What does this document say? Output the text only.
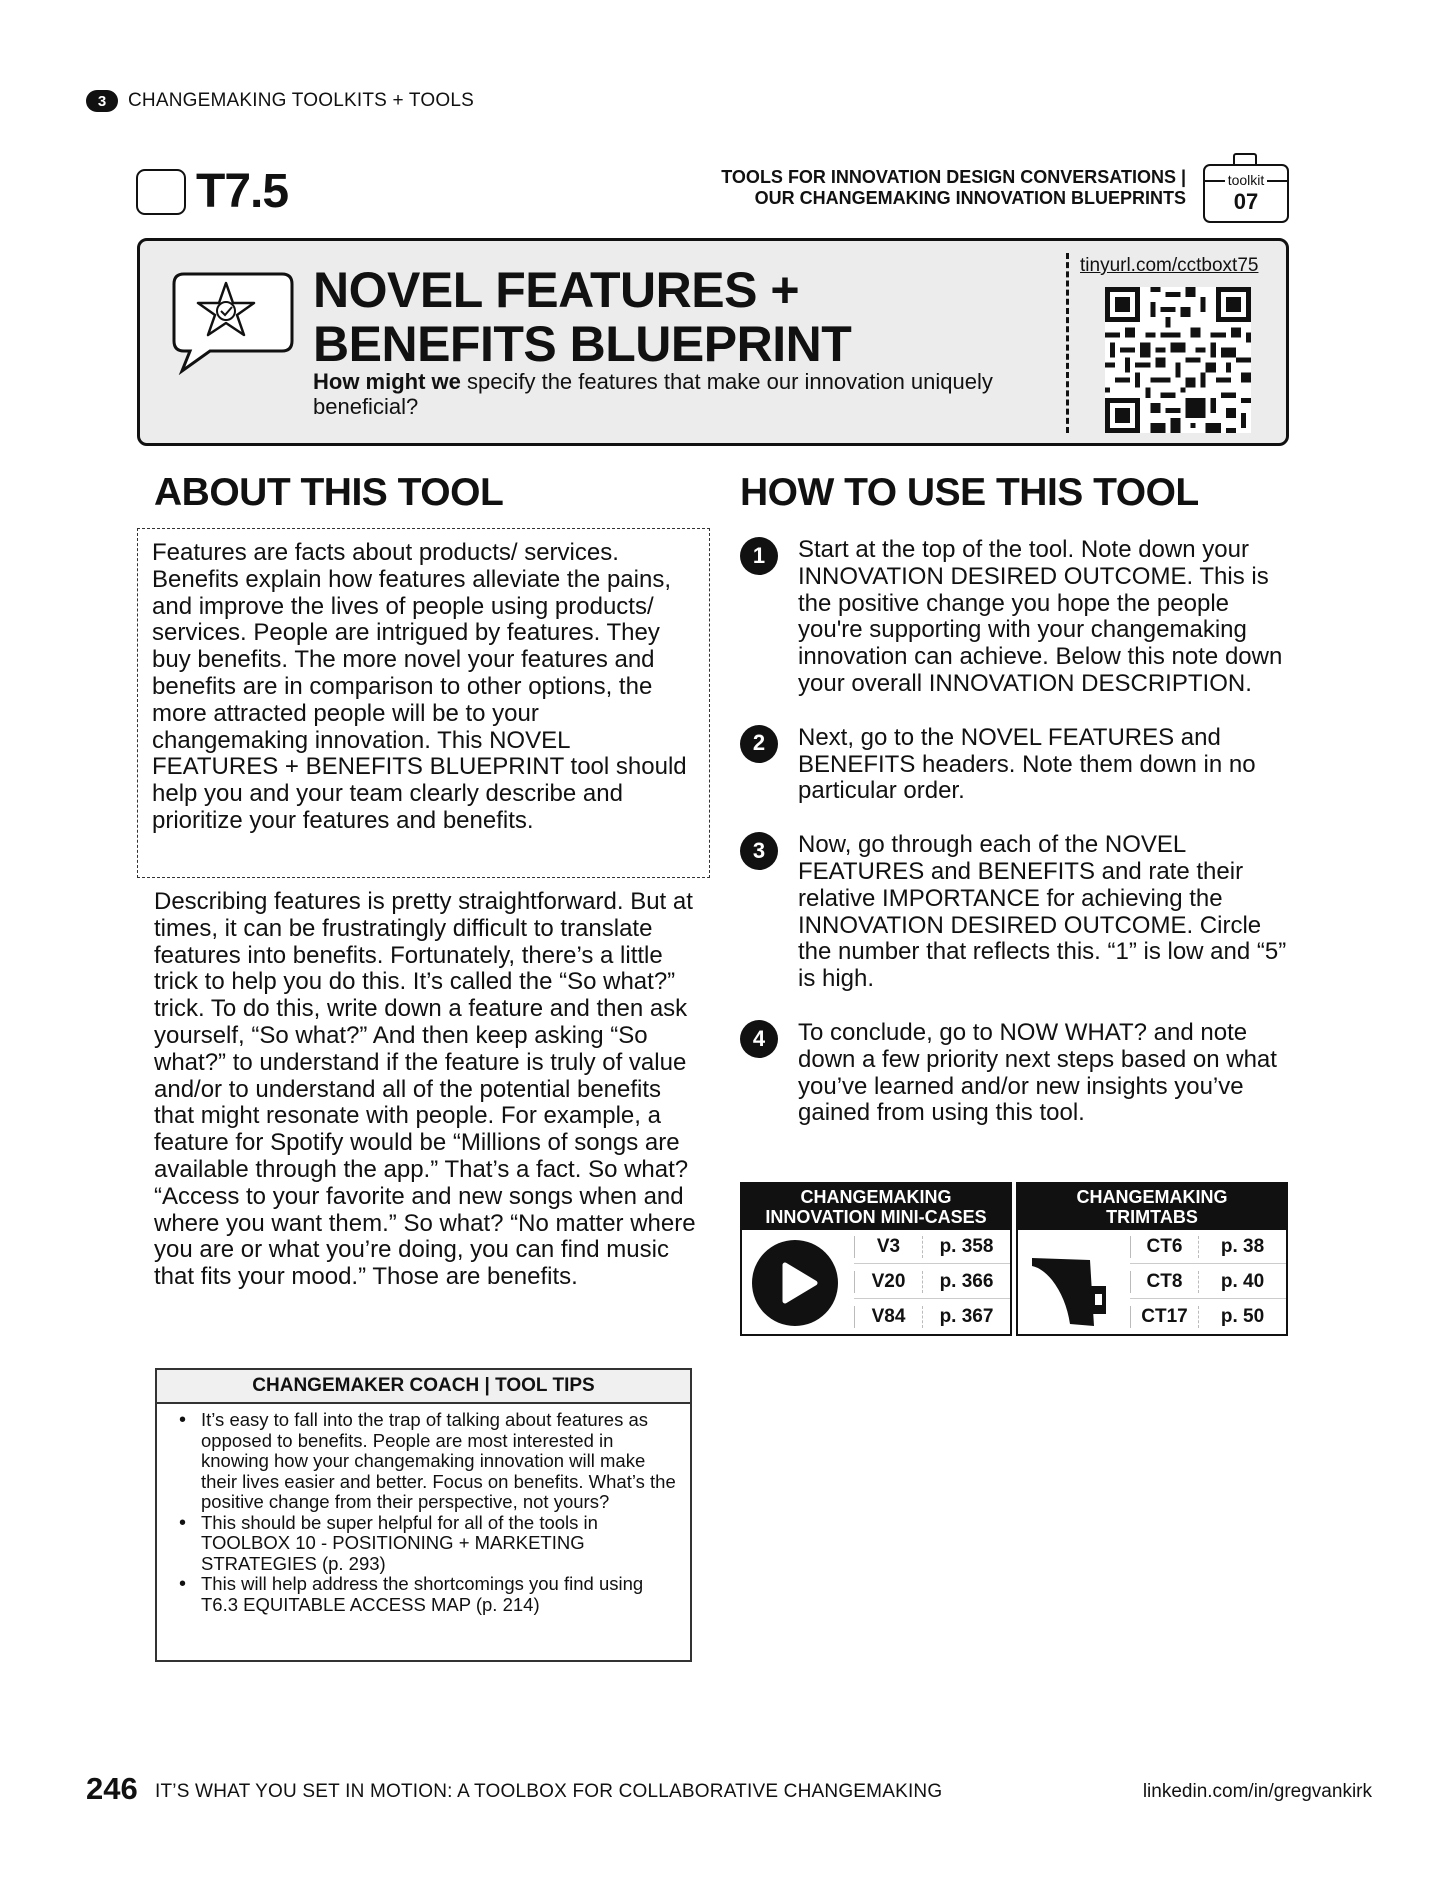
3	CHANGEMAKING TOOLKITS + TOOLS
T7.5	TOOLS FOR INNOVATION DESIGN CONVERSATIONS |
OUR CHANGEMAKING INNOVATION BLUEPRINTS
toolkit
07
NOVEL FEATURES +
BENEFITS BLUEPRINT
How might we specify the features that make our innovation uniquely beneficial?
tinyurl.com/cctboxt75
ABOUT THIS TOOL
Features are facts about products/ services. Benefits explain how features alleviate the pains, and improve the lives of people using products/ services. People are intrigued by features. They buy benefits. The more novel your features and benefits are in comparison to other options, the more attracted people will be to your changemaking innovation. This NOVEL FEATURES + BENEFITS BLUEPRINT tool should help you and your team clearly describe and prioritize your features and benefits.
Describing features is pretty straightforward. But at times, it can be frustratingly difficult to translate features into benefits. Fortunately, there’s a little trick to help you do this. It’s called the “So what?” trick. To do this, write down a feature and then ask yourself, “So what?” And then keep asking “So what?” to understand if the feature is truly of value and/or to understand all of the potential benefits that might resonate with people. For example, a feature for Spotify would be “Millions of songs are available through the app.” That’s a fact. So what? “Access to your favorite and new songs when and where you want them.” So what? “No matter where you are or what you’re doing, you can find music that fits your mood.” Those are benefits.
CHANGEMAKER COACH | TOOL TIPS
• It’s easy to fall into the trap of talking about features as opposed to benefits. People are most interested in knowing how your changemaking innovation will make their lives easier and better. Focus on benefits. What’s the positive change from their perspective, not yours?
• This should be super helpful for all of the tools in TOOLBOX 10 - POSITIONING + MARKETING STRATEGIES (p. 293)
• This will help address the shortcomings you find using T6.3 EQUITABLE ACCESS MAP (p. 214)
HOW TO USE THIS TOOL
1	Start at the top of the tool. Note down your INNOVATION DESIRED OUTCOME. This is the positive change you hope the people you're supporting with your changemaking innovation can achieve. Below this note down your overall INNOVATION DESCRIPTION.
2	Next, go to the NOVEL FEATURES and BENEFITS headers. Note them down in no particular order.
3	Now, go through each of the NOVEL FEATURES and BENEFITS and rate their relative IMPORTANCE for achieving the INNOVATION DESIRED OUTCOME. Circle the number that reflects this. “1” is low and “5” is high.
4	To conclude, go to NOW WHAT? and note down a few priority next steps based on what you’ve learned and/or new insights you’ve gained from using this tool.
CHANGEMAKING
INNOVATION MINI-CASES
V3	p. 358
V20	p. 366
V84	p. 367
CHANGEMAKING
TRIMTABS
CT6	p. 38
CT8	p. 40
CT17	p. 50
246 IT’S WHAT YOU SET IN MOTION: A TOOLBOX FOR COLLABORATIVE CHANGEMAKING	linkedin.com/in/gregvankirk
